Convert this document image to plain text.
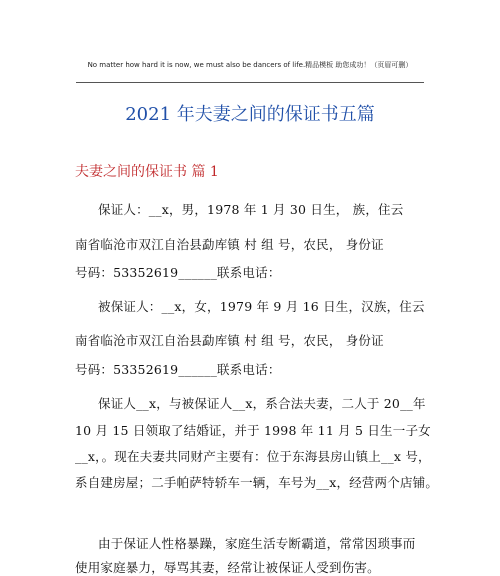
No matter how hard it is now, we must also be dancers of life.精品模板 助您成功！（页眉可删）
2021 年夫妻之间的保证书五篇
夫妻之间的保证书 篇 1
保证人：__x，男，1978 年 1 月 30 日生， 族，住云
南省临沧市双江自治县勐库镇 村 组 号，农民， 身份证
号码：53352619______联系电话：
被保证人：__x，女，1979 年 9 月 16 日生，汉族，住云
南省临沧市双江自治县勐库镇 村 组 号，农民， 身份证
号码：53352619______联系电话：
保证人__x，与被保证人__x，系合法夫妻，二人于 20__年
10 月 15 日领取了结婚证，并于 1998 年 11 月 5 日生一子女
__x，。现在夫妻共同财产主要有：位于东海县房山镇上__x 号，
系自建房屋；二手帕萨特轿车一辆，车号为__x，经营两个店铺。
由于保证人性格暴躁，家庭生活专断霸道，常常因琐事而
使用家庭暴力，辱骂其妻，经常让被保证人受到伤害。
